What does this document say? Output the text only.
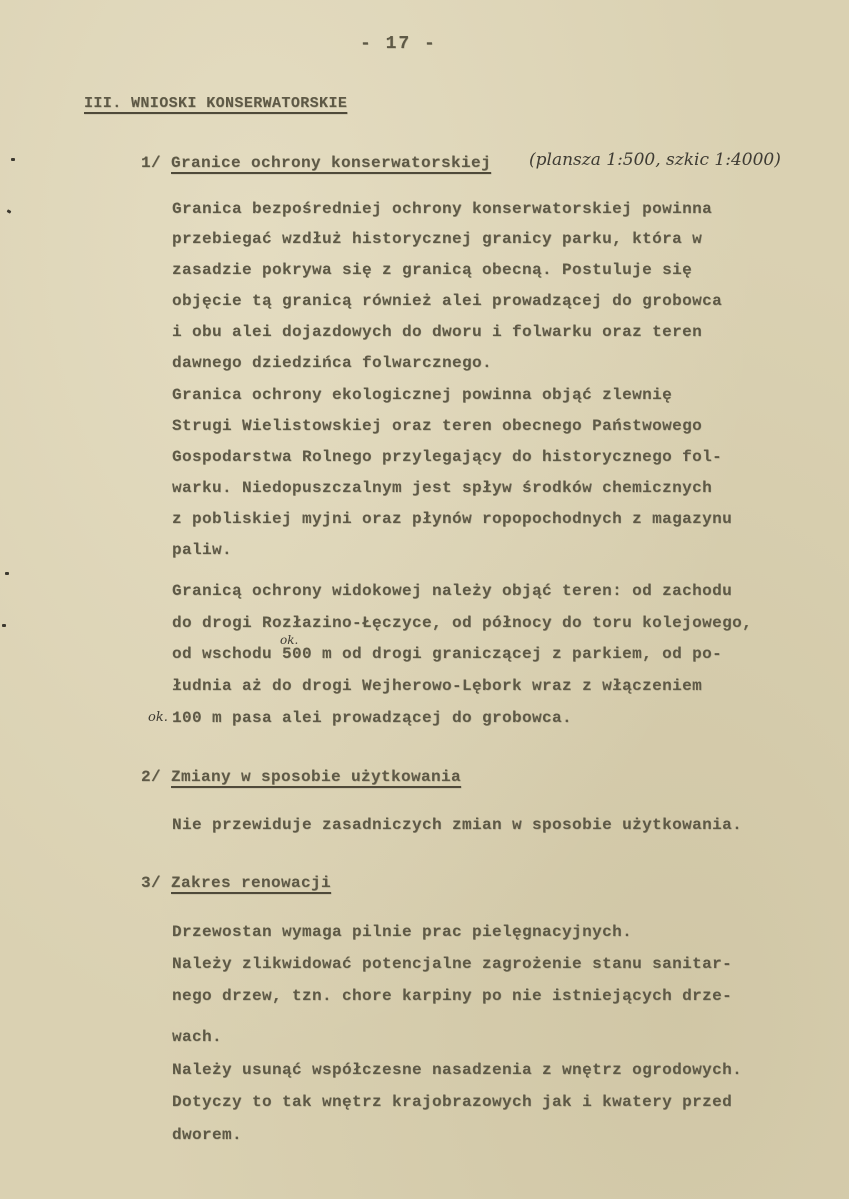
- 17 -
III. WNIOSKI KONSERWATORSKIE
1/ Granice ochrony konserwatorskiej (plansza 1:500, szkic 1:4000)
Granica bezpośredniej ochrony konserwatorskiej powinna
przebiegać wzdłuż historycznej granicy parku, która w
zasadzie pokrywa się z granicą obecną. Postuluje się
objęcie tą granicą również alei prowadzącej do grobowca
i obu alei dojazdowych do dworu i folwarku oraz teren
dawnego dziedzińca folwarcznego.
Granica ochrony ekologicznej powinna objąć zlewnię
Strugi Wielistowskiej oraz teren obecnego Państwowego
Gospodarstwa Rolnego przylegający do historycznego fol-
warku. Niedopuszczalnym jest spływ środków chemicznych
z pobliskiej myjni oraz płynów ropopochodnych z magazynu
paliw.
Granicą ochrony widokowej należy objąć teren: od zachodu
do drogi Rozłazino-Łęczyce, od północy do toru kolejowego,
od wschodu 500 m od drogi graniczącej z parkiem, od po-
łudnia aż do drogi Wejherowo-Lębork wraz z włączeniem
100 m pasa alei prowadzącej do grobowca.
ok.
ok.
2/ Zmiany w sposobie użytkowania
Nie przewiduje zasadniczych zmian w sposobie użytkowania.
3/ Zakres renowacji
Drzewostan wymaga pilnie prac pielęgnacyjnych.
Należy zlikwidować potencjalne zagrożenie stanu sanitar-
nego drzew, tzn. chore karpiny po nie istniejących drze-
wach.
Należy usunąć współczesne nasadzenia z wnętrz ogrodowych.
Dotyczy to tak wnętrz krajobrazowych jak i kwatery przed
dworem.
